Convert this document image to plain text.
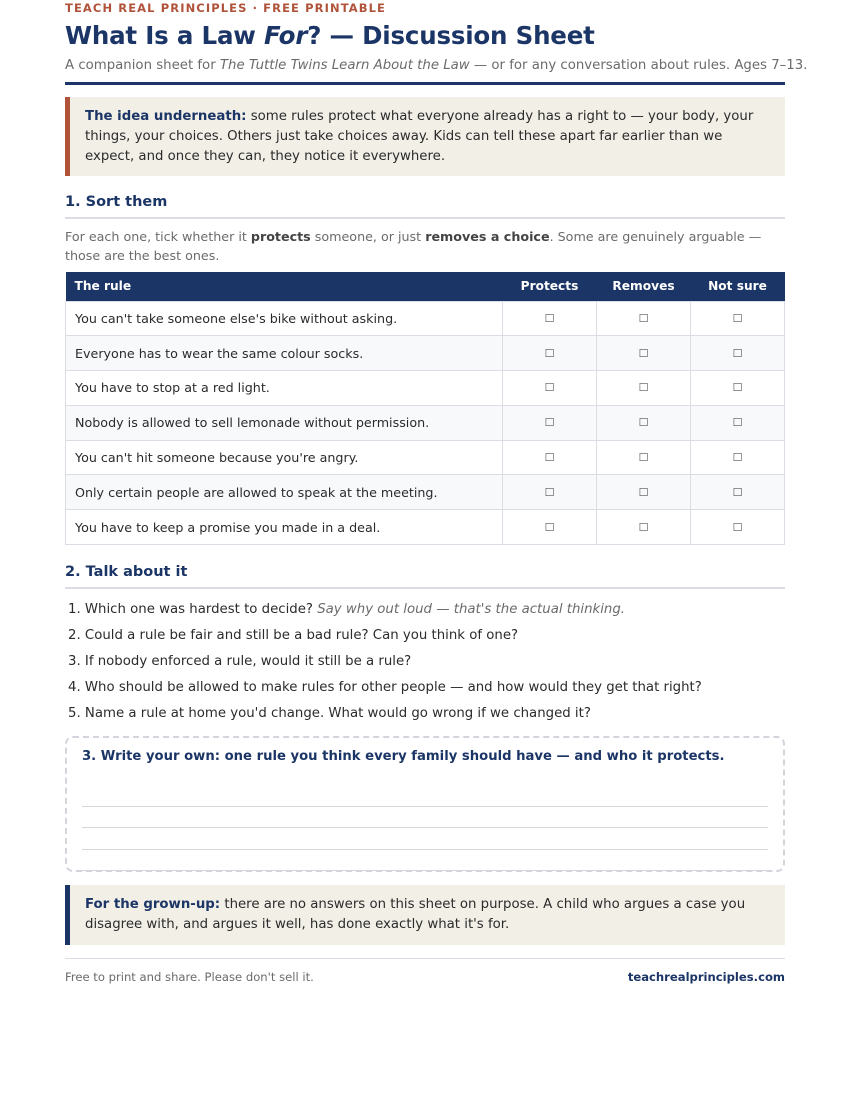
TEACH REAL PRINCIPLES · FREE PRINTABLE
What Is a Law For? — Discussion Sheet
A companion sheet for The Tuttle Twins Learn About the Law — or for any conversation about rules. Ages 7–13.
The idea underneath: some rules protect what everyone already has a right to — your body, your things, your choices. Others just take choices away. Kids can tell these apart far earlier than we expect, and once they can, they notice it everywhere.
1. Sort them

For each one, tick whether it protects someone, or just removes a choice. Some are genuinely arguable — those are the best ones.

The rule	Protects	Removes	Not sure
You can't take someone else's bike without asking.	☐	☐	☐
Everyone has to wear the same colour socks.	☐	☐	☐
You have to stop at a red light.	☐	☐	☐
Nobody is allowed to sell lemonade without permission.	☐	☐	☐
You can't hit someone because you're angry.	☐	☐	☐
Only certain people are allowed to speak at the meeting.	☐	☐	☐
You have to keep a promise you made in a deal.	☐	☐	☐
2. Talk about it
1. Which one was hardest to decide? Say why out loud — that's the actual thinking.
2. Could a rule be fair and still be a bad rule? Can you think of one?
3. If nobody enforced a rule, would it still be a rule?
4. Who should be allowed to make rules for other people — and how would they get that right?
5. Name a rule at home you'd change. What would go wrong if we changed it?
3. Write your own: one rule you think every family should have — and who it protects.
For the grown-up: there are no answers on this sheet on purpose. A child who argues a case you disagree with, and argues it well, has done exactly what it's for.
Free to print and share. Please don't sell it.	teachrealprinciples.com
